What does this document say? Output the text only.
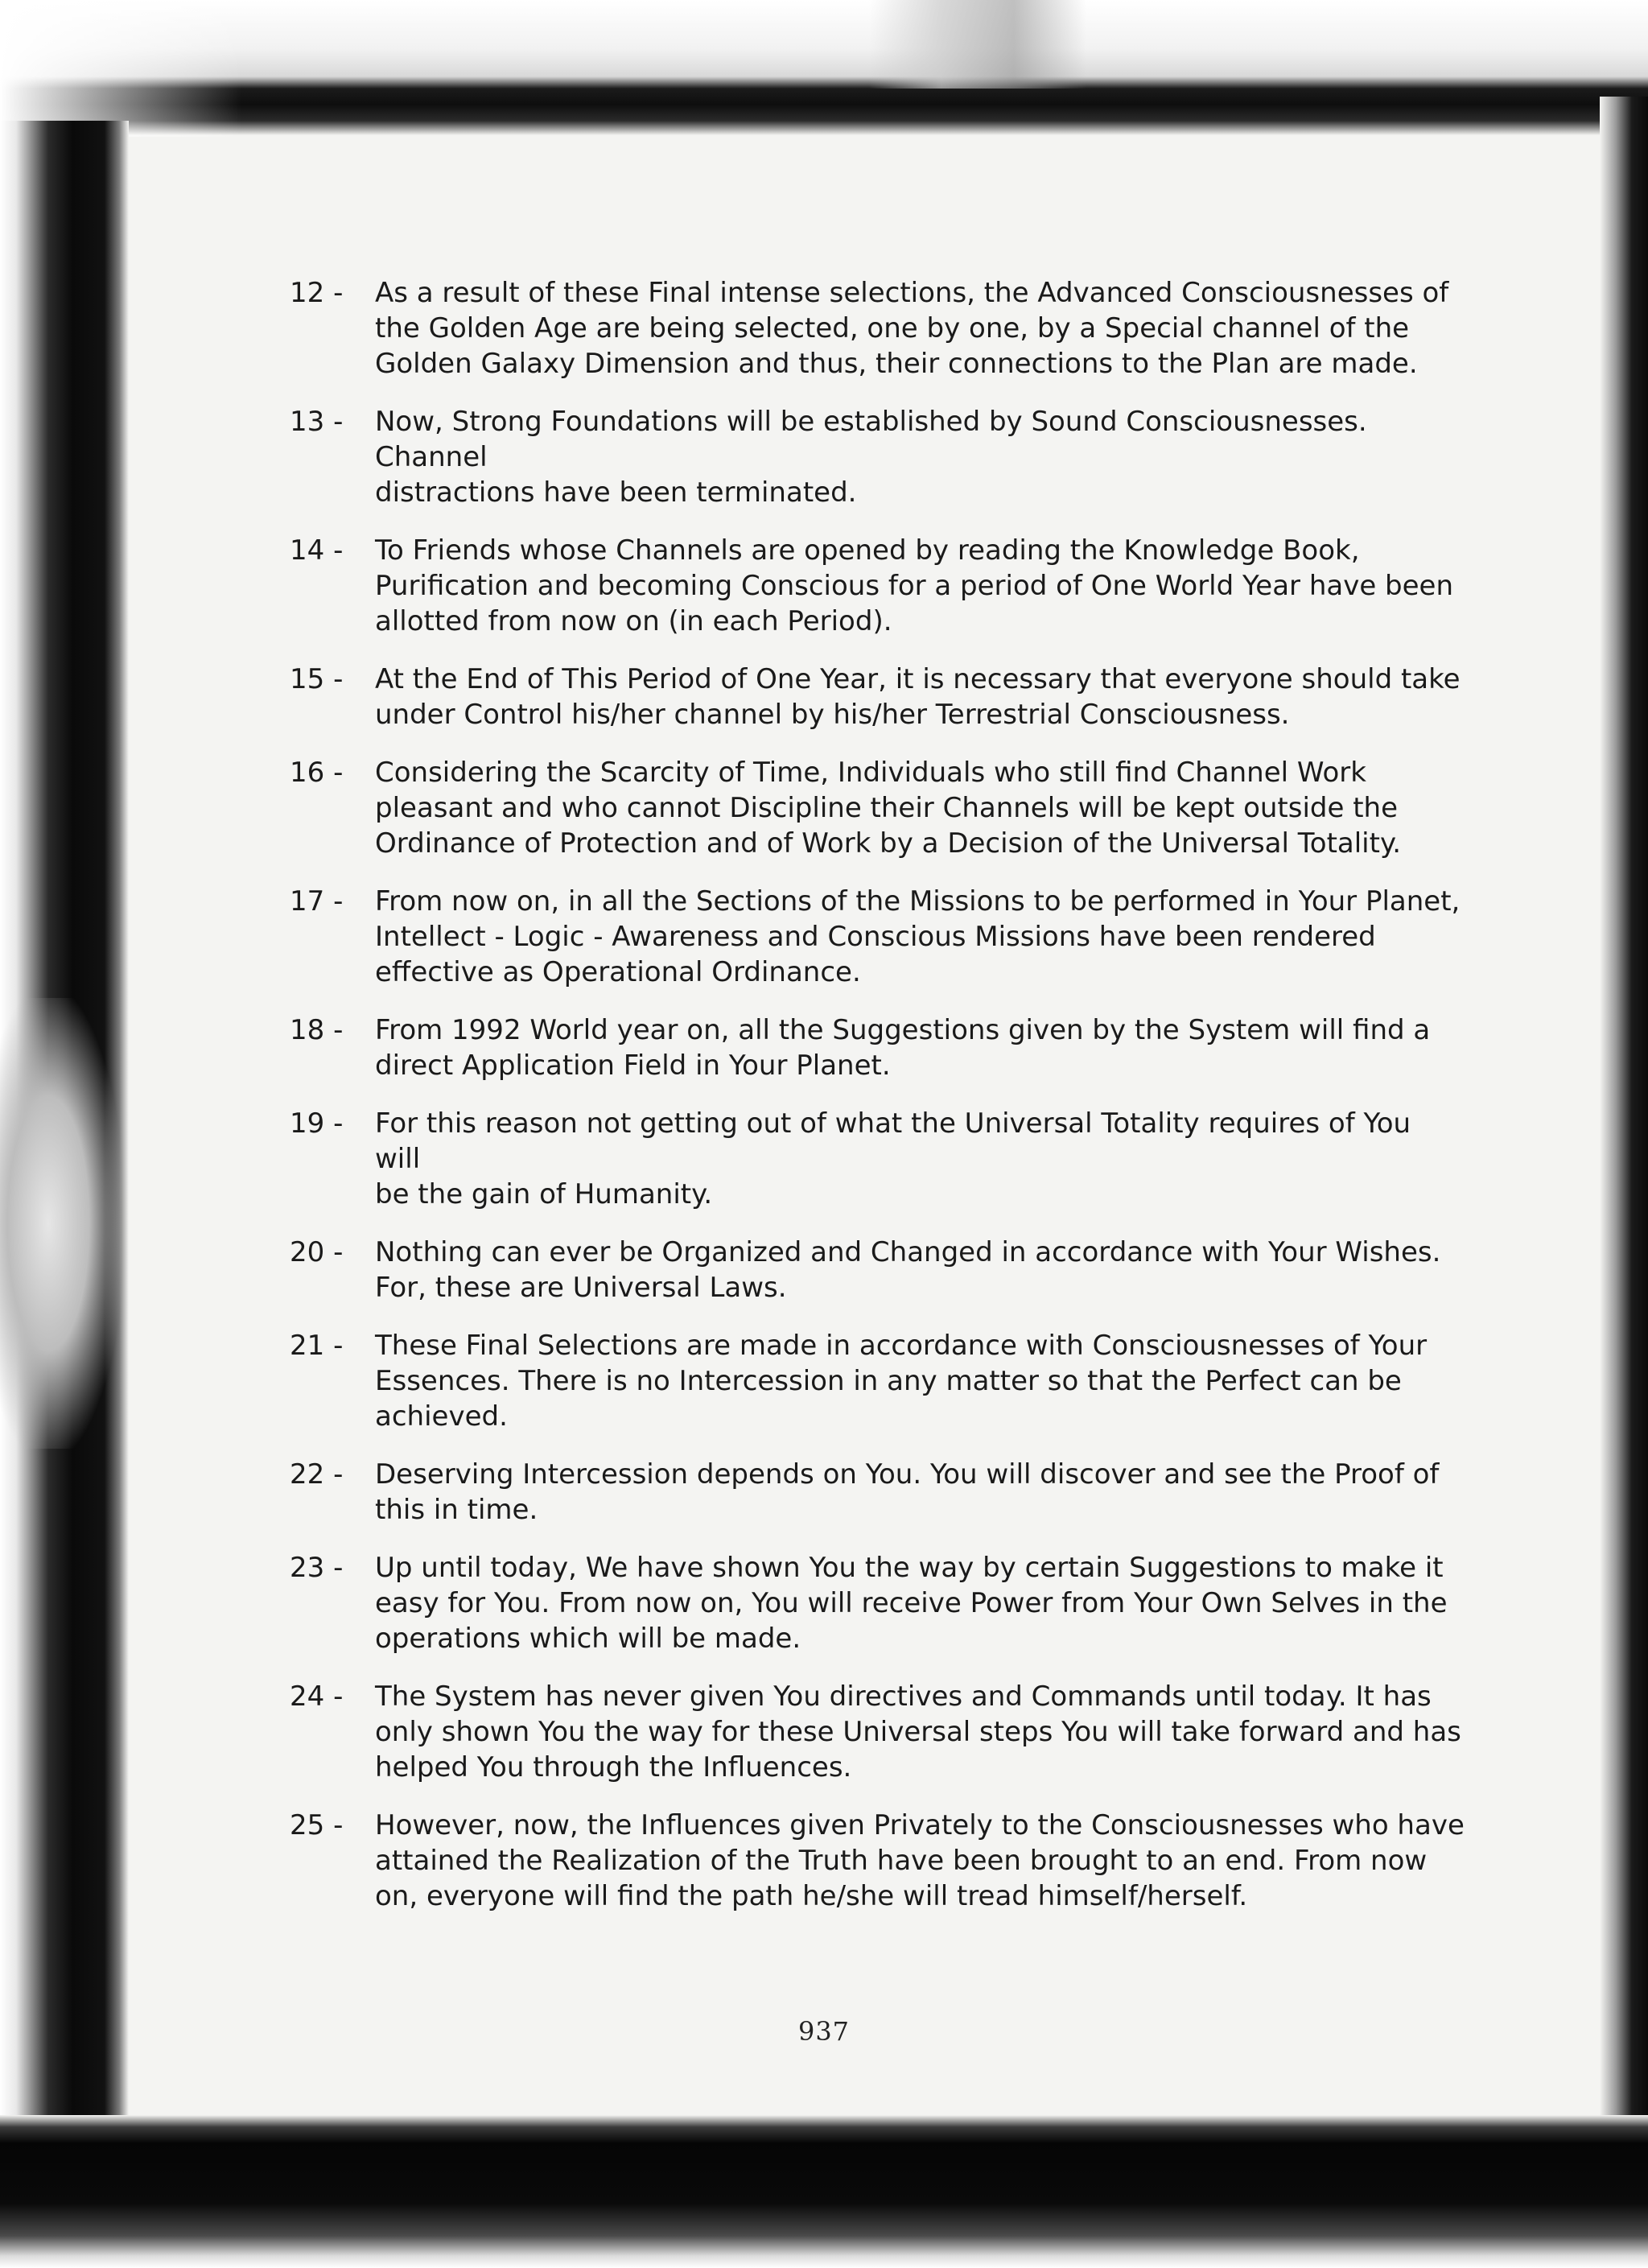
12 -	As a result of these Final intense selections, the Advanced Consciousnesses of
the Golden Age are being selected, one by one, by a Special channel of the
Golden Galaxy Dimension and thus, their connections to the Plan are made.
13 -	Now, Strong Foundations will be established by Sound Consciousnesses. Channel
distractions have been terminated.
14 -	To Friends whose Channels are opened by reading the Knowledge Book,
Purification and becoming Conscious for a period of One World Year have been
allotted from now on (in each Period).
15 -	At the End of This Period of One Year, it is necessary that everyone should take
under Control his/her channel by his/her Terrestrial Consciousness.
16 -	Considering the Scarcity of Time, Individuals who still find Channel Work
pleasant and who cannot Discipline their Channels will be kept outside the
Ordinance of Protection and of Work by a Decision of the Universal Totality.
17 -	From now on, in all the Sections of the Missions to be performed in Your Planet,
Intellect - Logic - Awareness and Conscious Missions have been rendered
effective as Operational Ordinance.
18 -	From 1992 World year on, all the Suggestions given by the System will find a
direct Application Field in Your Planet.
19 -	For this reason not getting out of what the Universal Totality requires of You will
be the gain of Humanity.
20 -	Nothing can ever be Organized and Changed in accordance with Your Wishes.
For, these are Universal Laws.
21 -	These Final Selections are made in accordance with Consciousnesses of Your
Essences. There is no Intercession in any matter so that the Perfect can be
achieved.
22 -	Deserving Intercession depends on You. You will discover and see the Proof of
this in time.
23 -	Up until today, We have shown You the way by certain Suggestions to make it
easy for You. From now on, You will receive Power from Your Own Selves in the
operations which will be made.
24 -	The System has never given You directives and Commands until today. It has
only shown You the way for these Universal steps You will take forward and has
helped You through the Influences.
25 -	However, now, the Influences given Privately to the Consciousnesses who have
attained the Realization of the Truth have been brought to an end. From now
on, everyone will find the path he/she will tread himself/herself.
937
